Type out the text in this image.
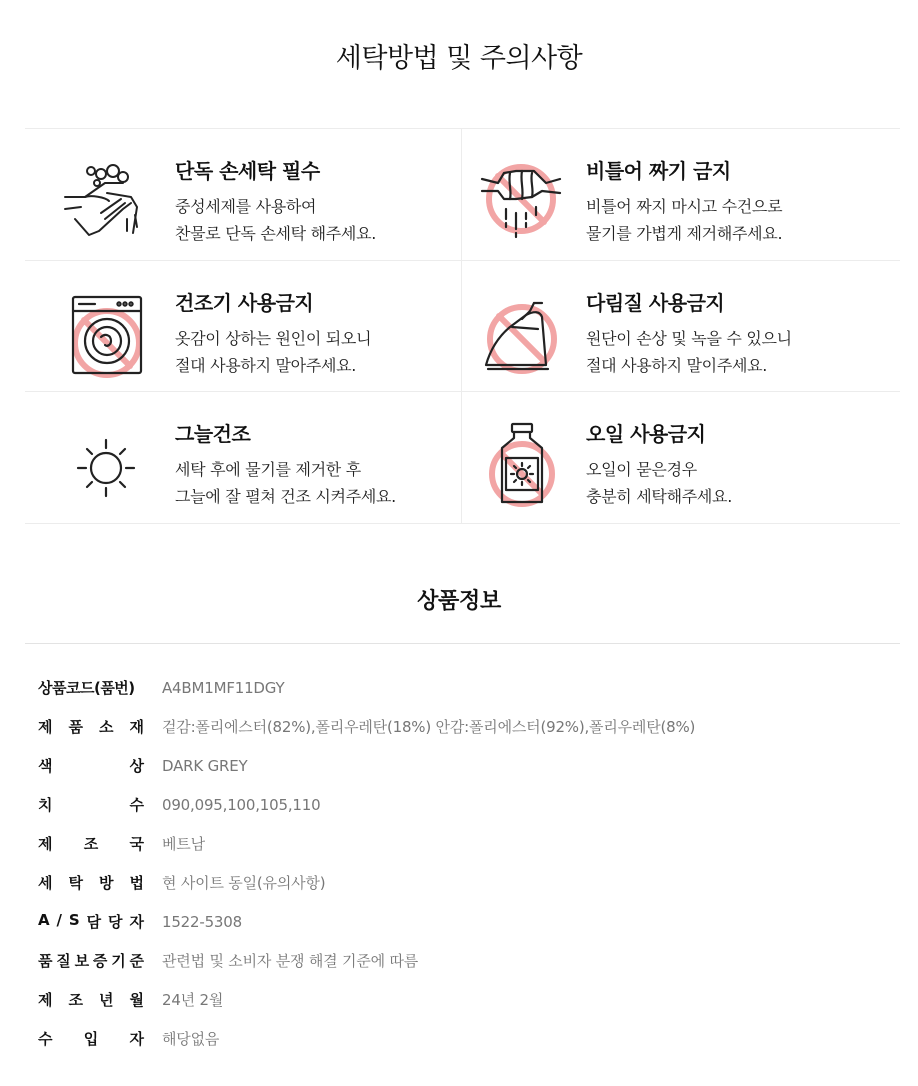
세탁방법 및 주의사항
단독 손세탁 필수
중성세제를 사용하여
찬물로 단독 손세탁 해주세요.
비틀어 짜기 금지
비틀어 짜지 마시고 수건으로
물기를 가볍게 제거해주세요.
건조기 사용금지
옷감이 상하는 원인이 되오니
절대 사용하지 말아주세요.
다림질 사용금지
원단이 손상 및 녹을 수 있으니
절대 사용하지 말이주세요.
그늘건조
세탁 후에 물기를 제거한 후
그늘에 잘 펼쳐 건조 시켜주세요.
오일 사용금지
오일이 묻은경우
충분히 세탁해주세요.
상품정보
상품코드(품번)	A4BM1MF11DGY
제 품 소 재 겉감:폴리에스터(82%),폴리우레탄(18%) 안감:폴리에스터(92%),폴리우레탄(8%)
색	상 DARK GREY
치	수 090,095,100,105,110
제 조 국 베트남
세 탁 방 법 현 사이트 동일(유의사항)
A / S 담 당 자 1522-5308
품 질 보 증 기 준 관련법 및 소비자 분쟁 해결 기준에 따름
제 조 년 월 24년 2월
수 입 자 해당없음
